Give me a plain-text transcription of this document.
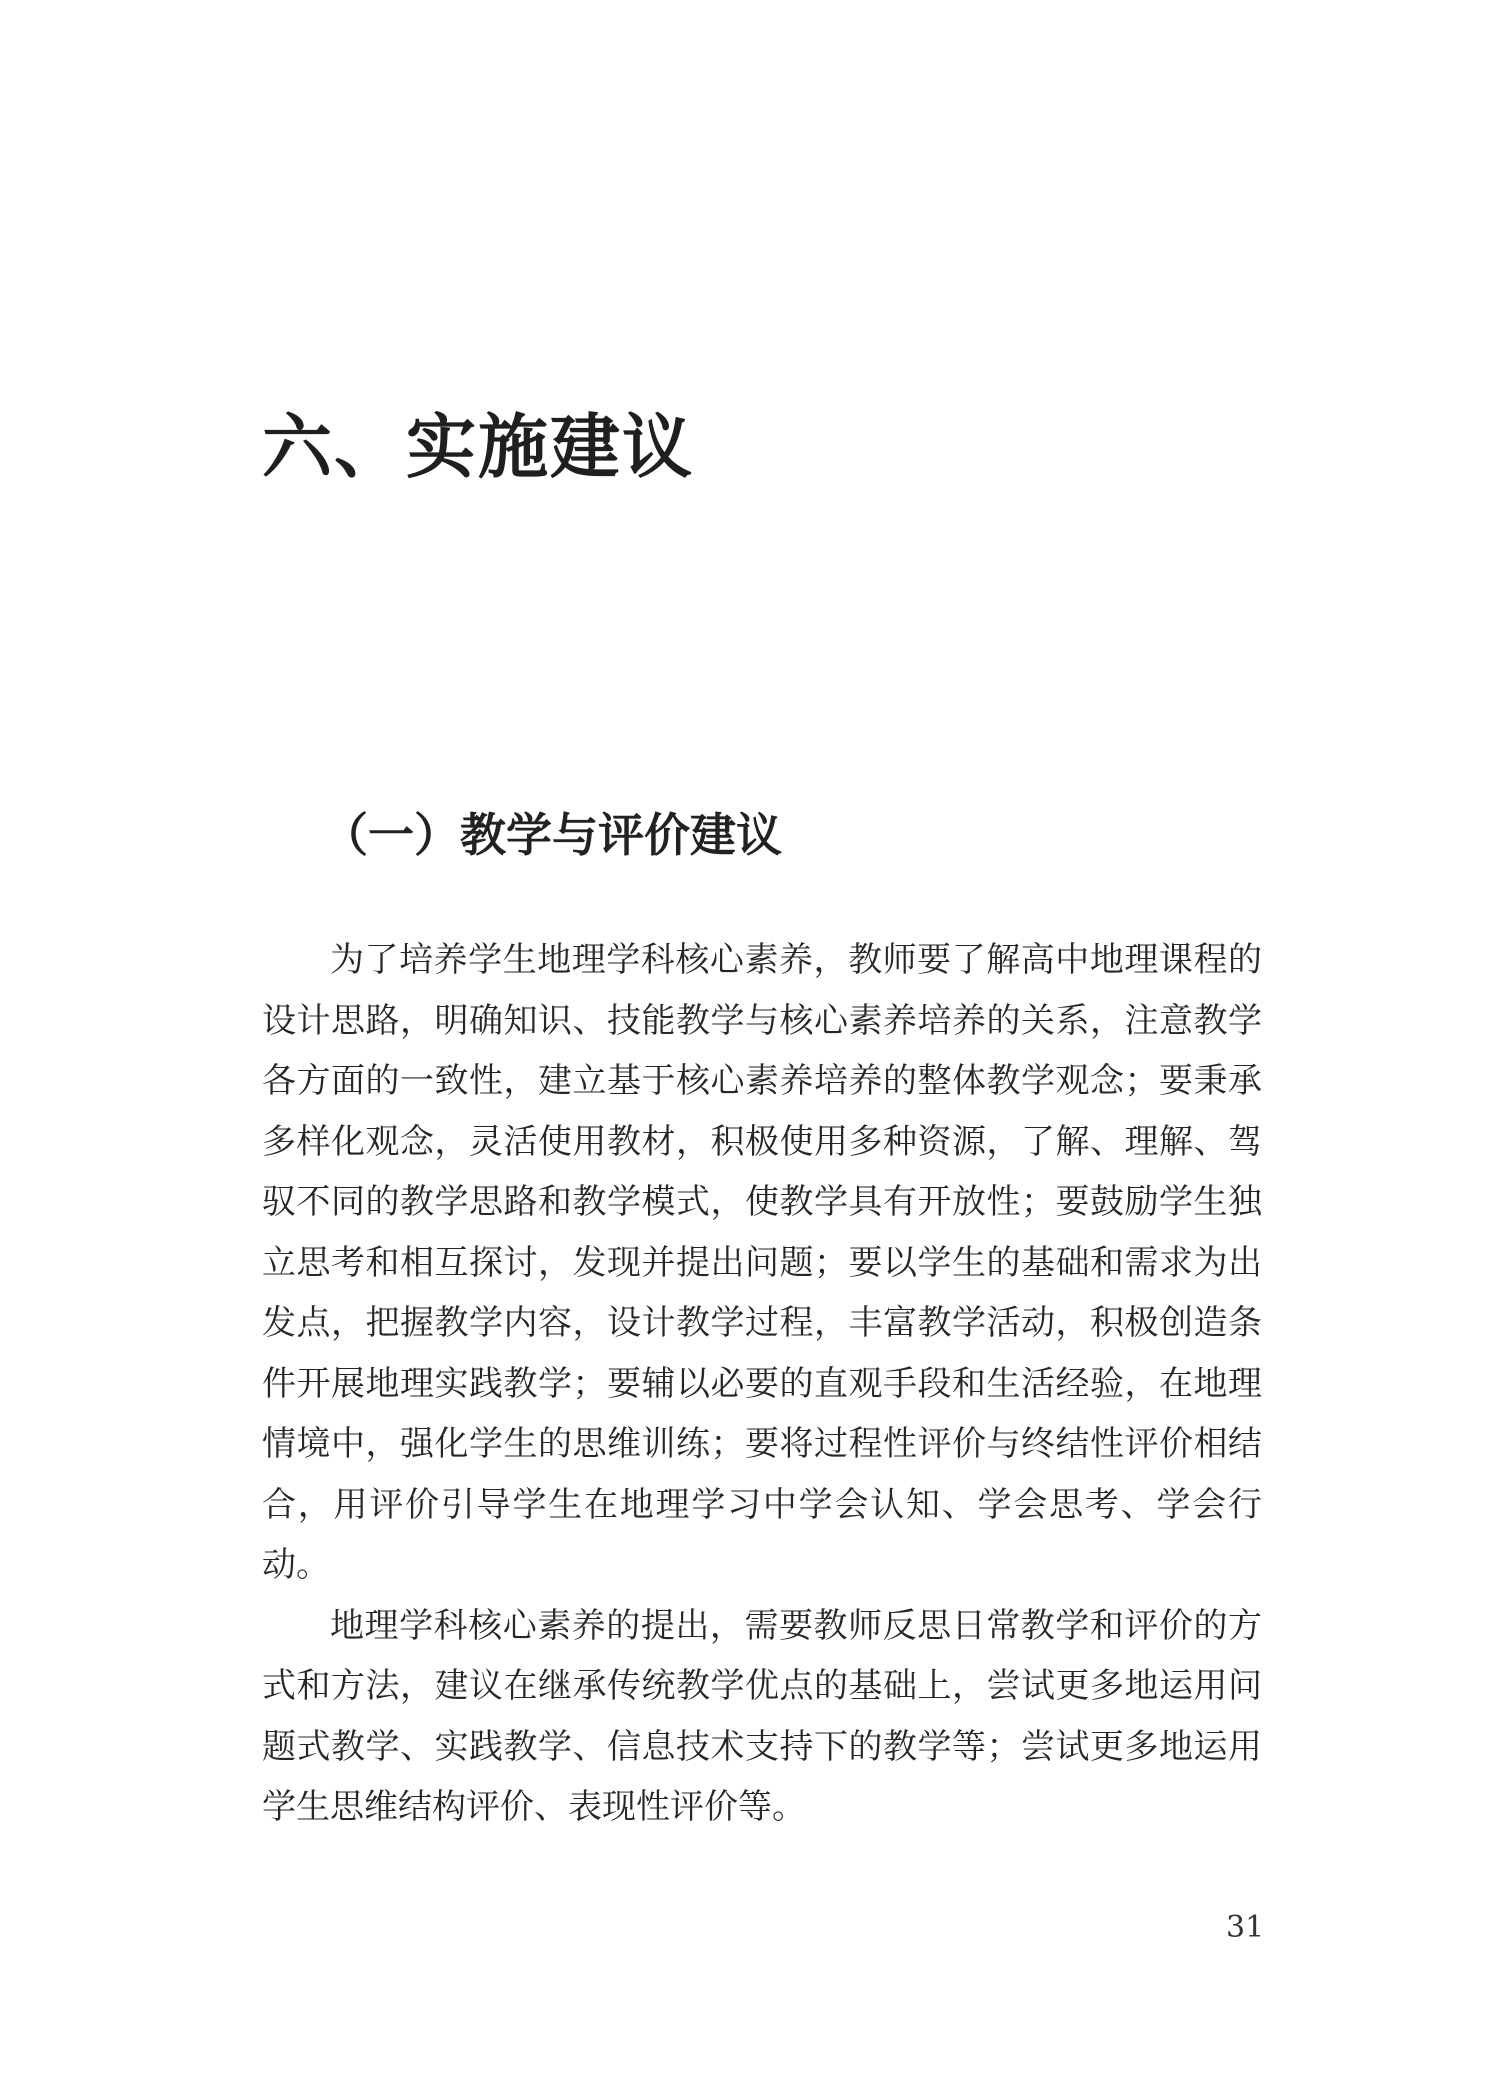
六、实施建议
（一）教学与评价建议

为了培养学生地理学科核心素养，教师要了解高中地理课程的设计思路，明确知识、技能教学与核心素养培养的关系，注意教学各方面的一致性，建立基于核心素养培养的整体教学观念；要秉承多样化观念，灵活使用教材，积极使用多种资源，了解、理解、驾驭不同的教学思路和教学模式，使教学具有开放性；要鼓励学生独立思考和相互探讨，发现并提出问题；要以学生的基础和需求为出发点，把握教学内容，设计教学过程，丰富教学活动，积极创造条件开展地理实践教学；要辅以必要的直观手段和生活经验，在地理情境中，强化学生的思维训练；要将过程性评价与终结性评价相结合，用评价引导学生在地理学习中学会认知、学会思考、学会行动。

地理学科核心素养的提出，需要教师反思日常教学和评价的方式和方法，建议在继承传统教学优点的基础上，尝试更多地运用问题式教学、实践教学、信息技术支持下的教学等；尝试更多地运用学生思维结构评价、表现性评价等。

31
